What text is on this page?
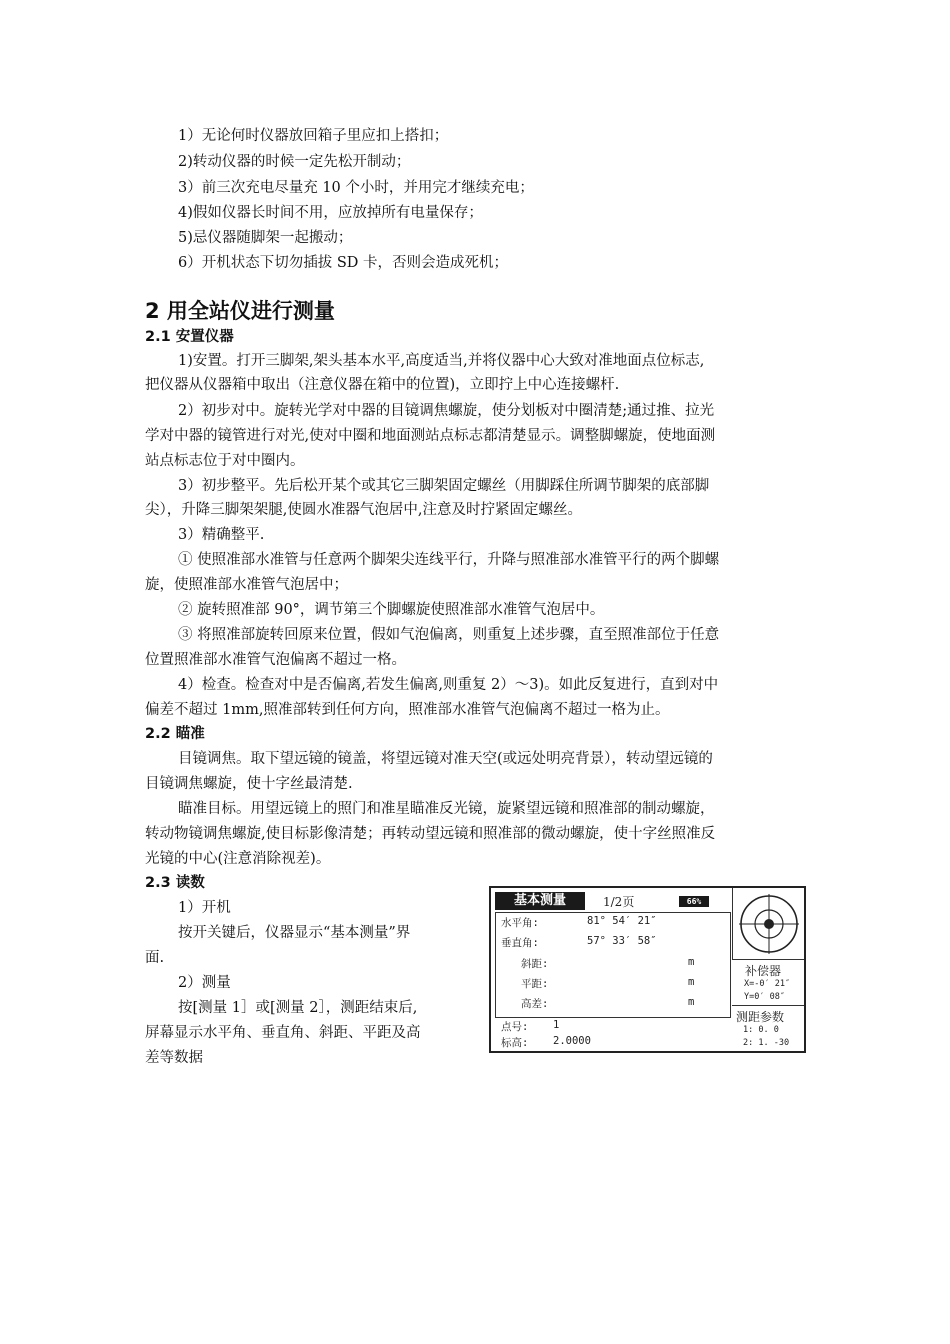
1）无论何时仪器放回箱子里应扣上搭扣；
2)转动仪器的时候一定先松开制动；
3）前三次充电尽量充 10 个小时，并用完才继续充电；
4)假如仪器长时间不用，应放掉所有电量保存；
5)忌仪器随脚架一起搬动；
6）开机状态下切勿插拔 SD 卡，否则会造成死机；
2 用全站仪进行测量
2.1 安置仪器
1)安置。打开三脚架,架头基本水平,高度适当,并将仪器中心大致对准地面点位标志,
把仪器从仪器箱中取出（注意仪器在箱中的位置)，立即拧上中心连接螺杆.
2）初步对中。旋转光学对中器的目镜调焦螺旋，使分划板对中圈清楚;通过推、拉光
学对中器的镜管进行对光,使对中圈和地面测站点标志都清楚显示。调整脚螺旋，使地面测
站点标志位于对中圈内。
3）初步整平。先后松开某个或其它三脚架固定螺丝（用脚踩住所调节脚架的底部脚
尖），升降三脚架架腿,使圆水准器气泡居中,注意及时拧紧固定螺丝。
3）精确整平.
① 使照准部水准管与任意两个脚架尖连线平行，升降与照准部水准管平行的两个脚螺
旋，使照准部水准管气泡居中；
② 旋转照准部 90°，调节第三个脚螺旋使照准部水准管气泡居中。
③ 将照准部旋转回原来位置，假如气泡偏离，则重复上述步骤，直至照准部位于任意
位置照准部水准管气泡偏离不超过一格。
4）检查。检查对中是否偏离,若发生偏离,则重复 2）～3)。如此反复进行，直到对中
偏差不超过 1mm,照准部转到任何方向，照准部水准管气泡偏离不超过一格为止。
2.2 瞄准
目镜调焦。取下望远镜的镜盖，将望远镜对准天空(或远处明亮背景），转动望远镜的
目镜调焦螺旋，使十字丝最清楚.
瞄准目标。用望远镜上的照门和准星瞄准反光镜，旋紧望远镜和照准部的制动螺旋，
转动物镜调焦螺旋,使目标影像清楚；再转动望远镜和照准部的微动螺旋，使十字丝照准反
光镜的中心(注意消除视差)。
2.3 读数
1）开机
按开关键后，仪器显示“基本测量”界
面.
2）测量
按[测量 1］或[测量 2］，测距结束后,
屏幕显示水平角、垂直角、斜距、平距及高
差等数据
基本测量	1/2页	66%
水平角:	81° 54′ 21″
垂直角:	57° 33′ 58″
斜距:	m
平距:	m
高差:	m
点号: 1
标高: 2.0000
补偿器
X=-0′ 21″
Y=0′ 08″
测距参数
1: 0. 0
2: 1. -30
